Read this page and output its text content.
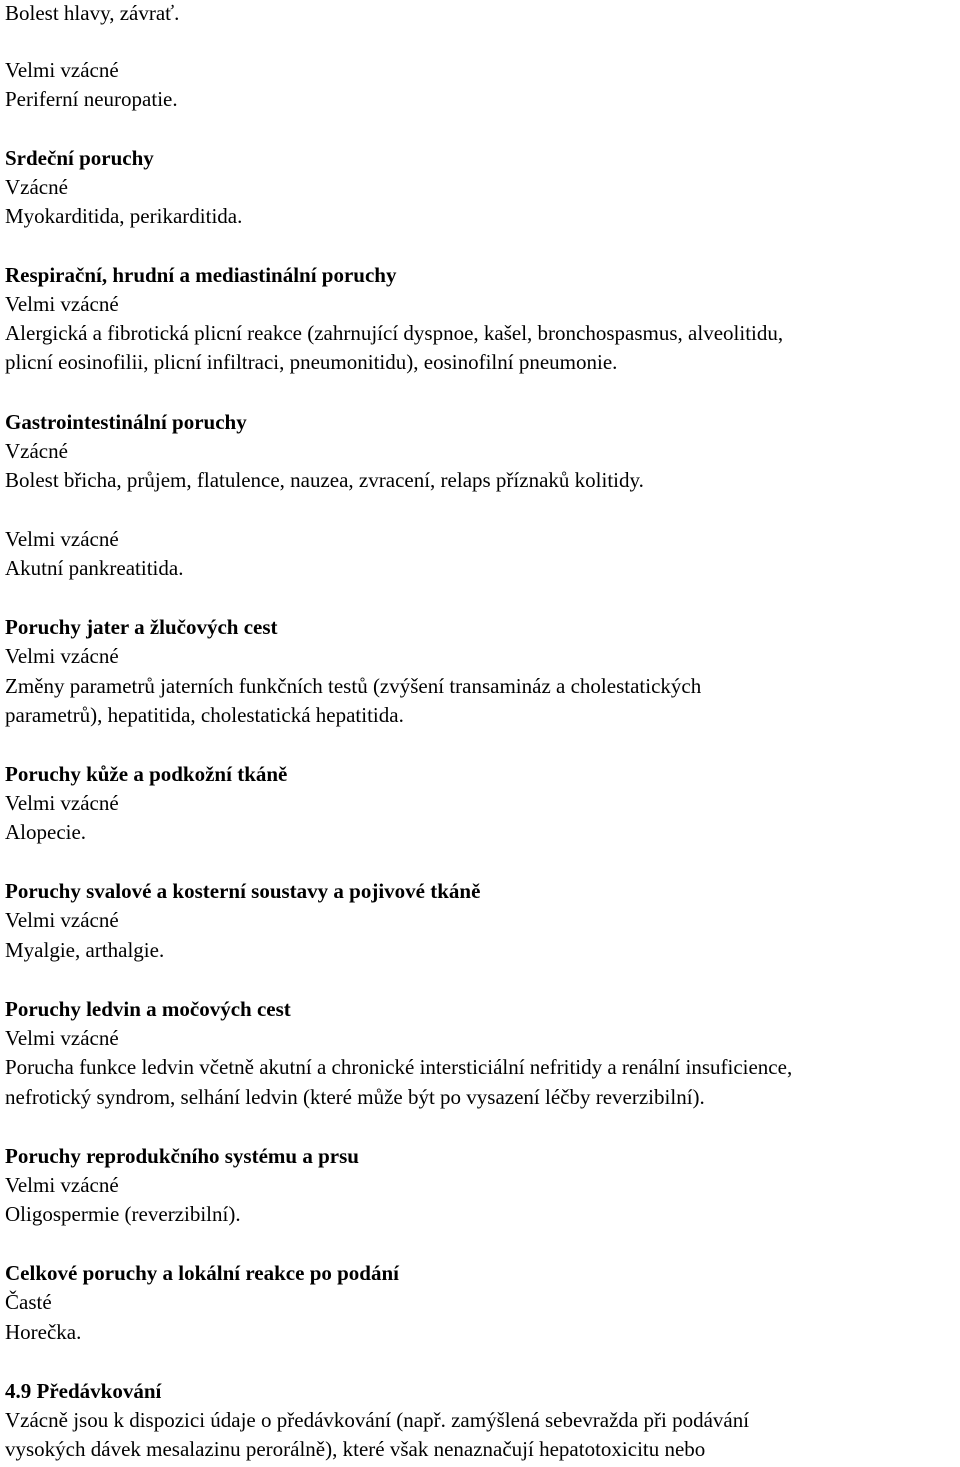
Bolest hlavy, závrať.
Velmi vzácné
Periferní neuropatie.
Srdeční poruchy
Vzácné
Myokarditida, perikarditida.
Respirační, hrudní a mediastinální poruchy
Velmi vzácné
Alergická a fibrotická plicní reakce (zahrnující dyspnoe, kašel, bronchospasmus, alveolitidu,
plicní eosinofilii, plicní infiltraci, pneumonitidu), eosinofilní pneumonie.
Gastrointestinální poruchy
Vzácné
Bolest břicha, průjem, flatulence, nauzea, zvracení, relaps příznaků kolitidy.
Velmi vzácné
Akutní pankreatitida.
Poruchy jater a žlučových cest
Velmi vzácné
Změny parametrů jaterních funkčních testů (zvýšení transamináz a cholestatických
parametrů), hepatitida, cholestatická hepatitida.
Poruchy kůže a podkožní tkáně
Velmi vzácné
Alopecie.
Poruchy svalové a kosterní soustavy a pojivové tkáně
Velmi vzácné
Myalgie, arthalgie.
Poruchy ledvin a močových cest
Velmi vzácné
Porucha funkce ledvin včetně akutní a chronické intersticiální nefritidy a renální insuficience,
nefrotický syndrom, selhání ledvin (které může být po vysazení léčby reverzibilní).
Poruchy reprodukčního systému a prsu
Velmi vzácné
Oligospermie (reverzibilní).
Celkové poruchy a lokální reakce po podání
Časté
Horečka.
4.9 Předávkování
Vzácně jsou k dispozici údaje o předávkování (např. zamýšlená sebevražda při podávání
vysokých dávek mesalazinu perorálně), které však nenaznačují hepatotoxicitu nebo
